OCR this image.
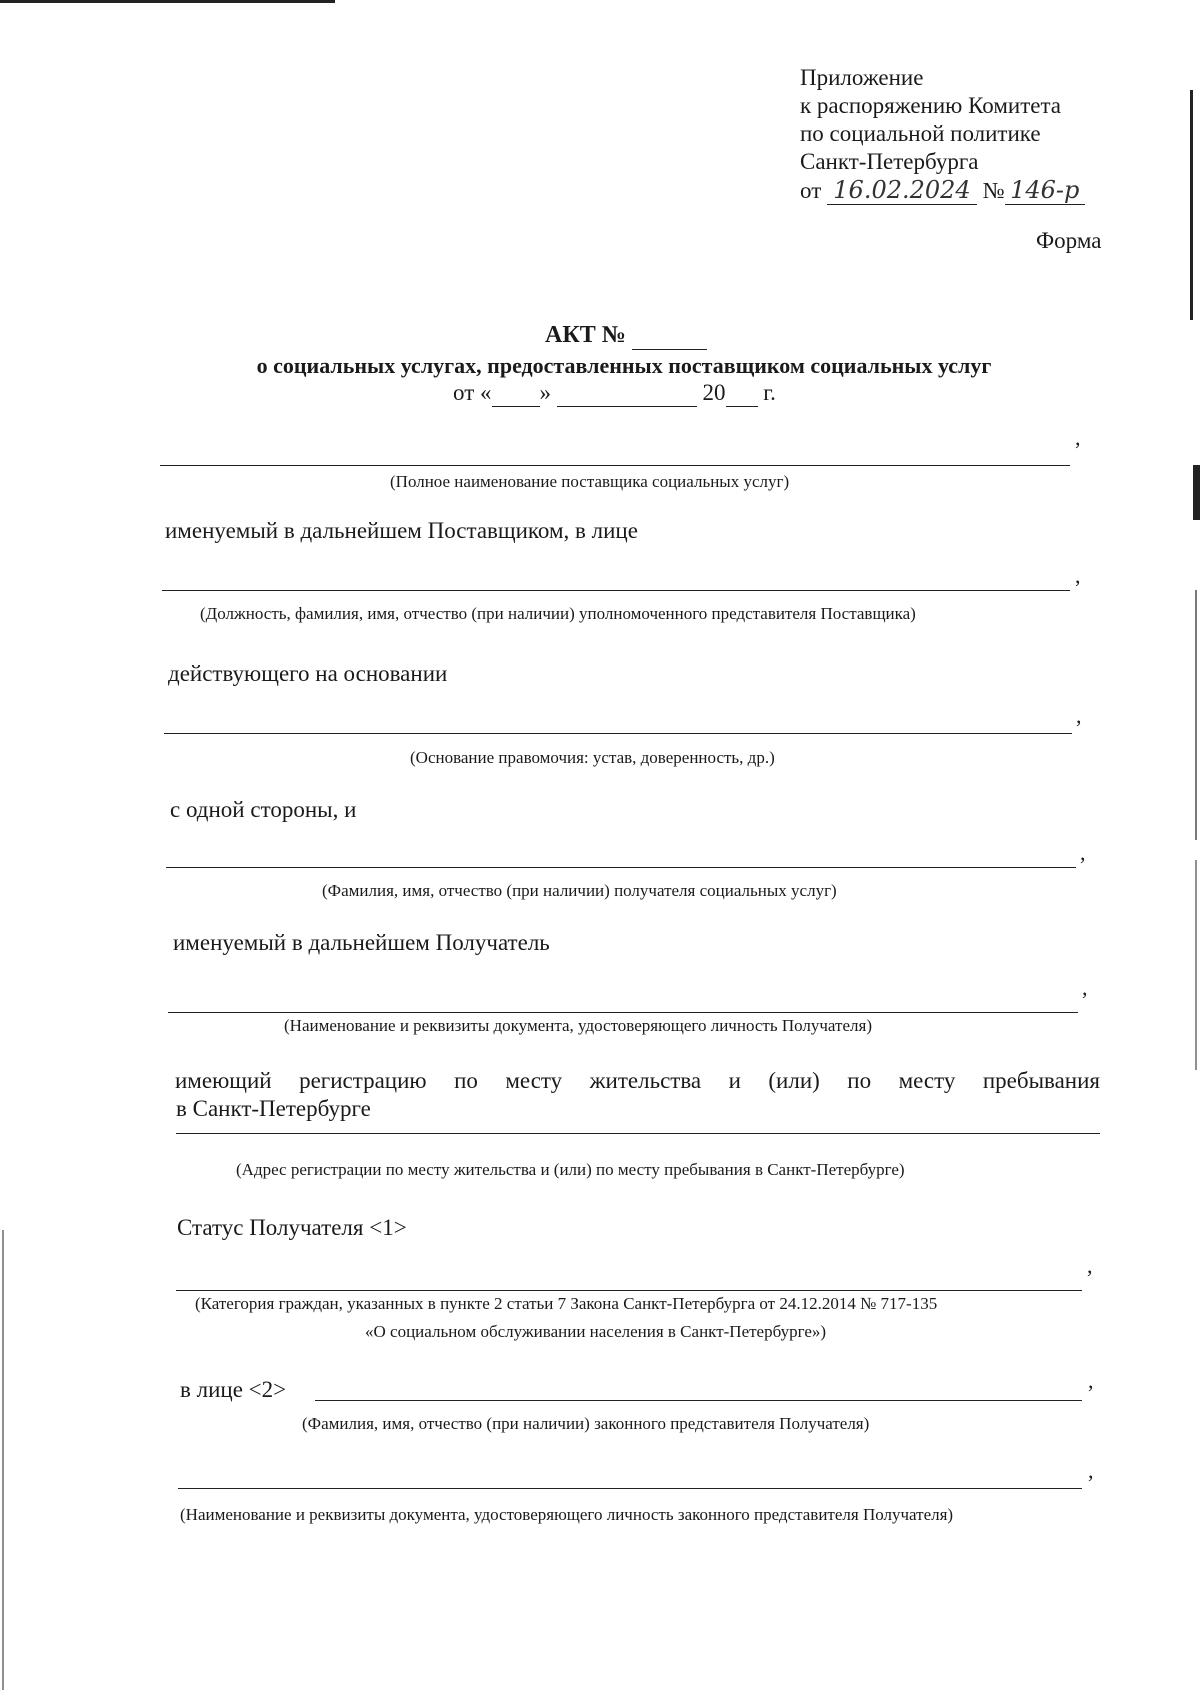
Приложение
к распоряжению Комитета
по социальной политике
Санкт-Петербурга
от 16.02.2024 № 146-р
Форма
АКТ №
о социальных услугах, предоставленных поставщиком социальных услуг
от « »	20 г.
,
(Полное наименование поставщика социальных услуг)
именуемый в дальнейшем Поставщиком, в лице
,
(Должность, фамилия, имя, отчество (при наличии) уполномоченного представителя Поставщика)
действующего на основании
,
(Основание правомочия: устав, доверенность, др.)
с одной стороны, и
,
(Фамилия, имя, отчество (при наличии) получателя социальных услуг)
именуемый в дальнейшем Получатель
,
(Наименование и реквизиты документа, удостоверяющего личность Получателя)
имеющий регистрацию по месту жительства и (или) по месту пребывания
в Санкт-Петербурге
(Адрес регистрации по месту жительства и (или) по месту пребывания в Санкт-Петербурге)
Статус Получателя <1>
,
(Категория граждан, указанных в пункте 2 статьи 7 Закона Санкт-Петербурга от 24.12.2014 № 717-135
«О социальном обслуживании населения в Санкт-Петербурге»)
в лице <2>	,
(Фамилия, имя, отчество (при наличии) законного представителя Получателя)
,
(Наименование и реквизиты документа, удостоверяющего личность законного представителя Получателя)
